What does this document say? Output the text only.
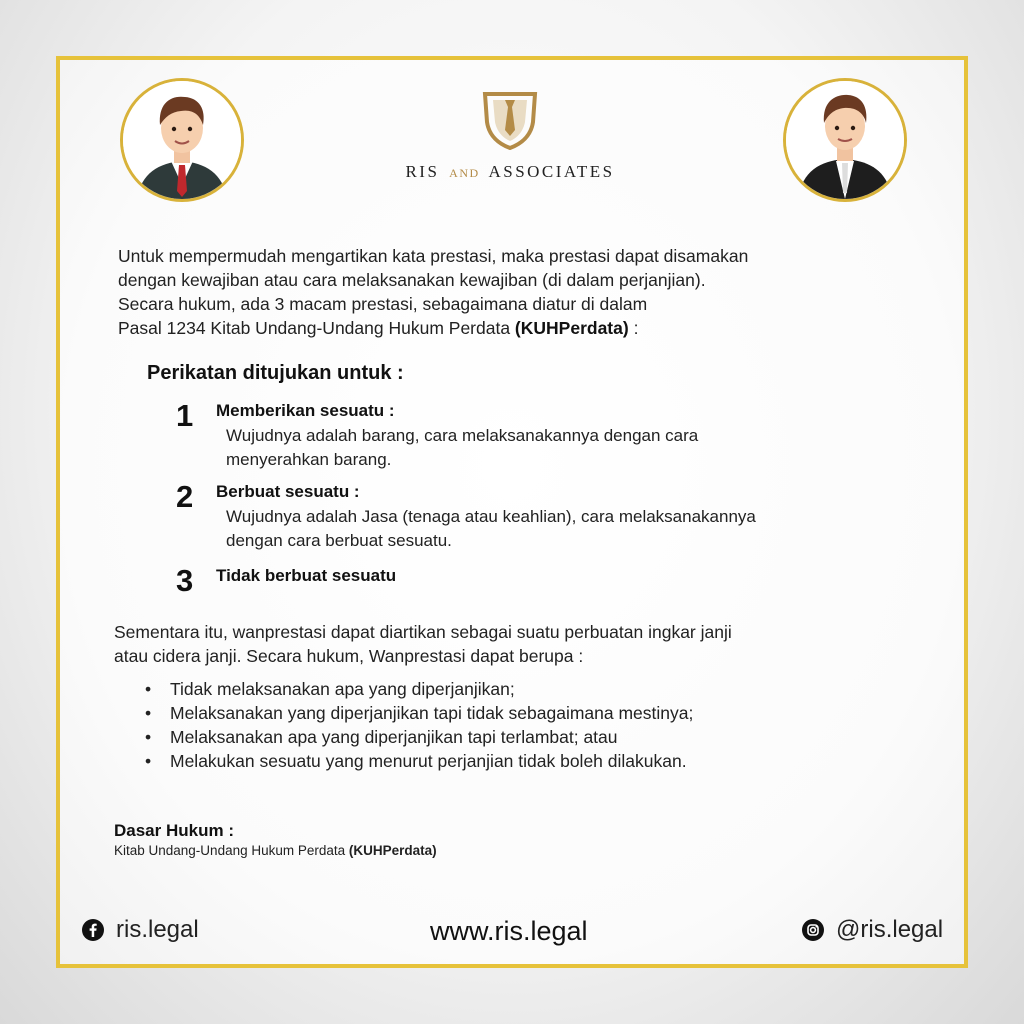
RIS AND ASSOCIATES
Untuk mempermudah mengartikan kata prestasi, maka prestasi dapat disamakan
dengan kewajiban atau cara melaksanakan kewajiban (di dalam perjanjian).
Secara hukum, ada 3 macam prestasi, sebagaimana diatur di dalam
Pasal 1234 Kitab Undang-Undang Hukum Perdata (KUHPerdata) :
Perikatan ditujukan untuk :
1 Memberikan sesuatu :
Wujudnya adalah barang, cara melaksanakannya dengan cara
menyerahkan barang.
2 Berbuat sesuatu :
Wujudnya adalah Jasa (tenaga atau keahlian), cara melaksanakannya
dengan cara berbuat sesuatu.
3 Tidak berbuat sesuatu
Sementara itu, wanprestasi dapat diartikan sebagai suatu perbuatan ingkar janji
atau cidera janji. Secara hukum, Wanprestasi dapat berupa :
• Tidak melaksanakan apa yang diperjanjikan;
• Melaksanakan yang diperjanjikan tapi tidak sebagaimana mestinya;
• Melaksanakan apa yang diperjanjikan tapi terlambat; atau
• Melakukan sesuatu yang menurut perjanjian tidak boleh dilakukan.
Dasar Hukum :
Kitab Undang-Undang Hukum Perdata (KUHPerdata)
ris.legal	www.ris.legal	@ris.legal
